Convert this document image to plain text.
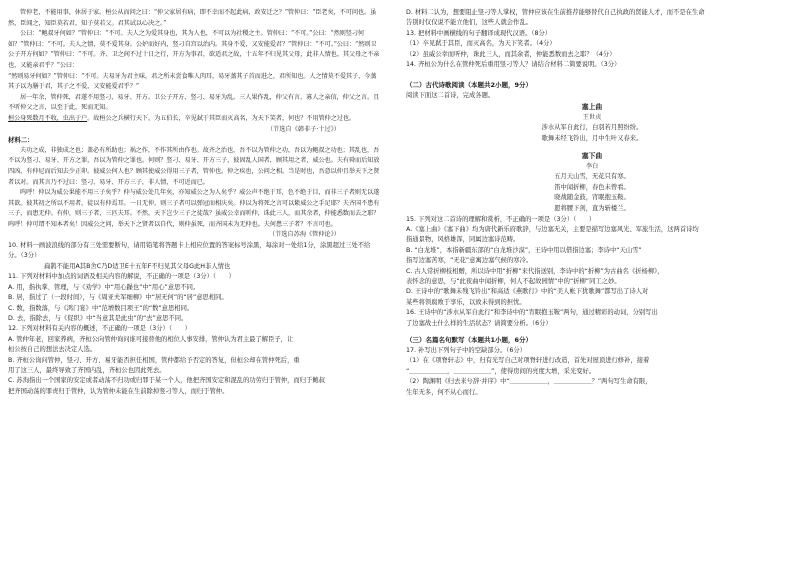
管仲老，不能用事，休居于家。桓公从而问之曰：“仲父家居有病，即不幸而不起此病，政安迁之？”管仲曰：“臣老矣，不可问也。虽然，臣闻之，知臣莫若君，知子莫若父。君其试以心决之。”

公曰：“鲍叔牙何如？”管仲曰：“不可。夫人之为爱其身也，其为人也，不可以为社稷之主。管仲曰：“不可。”公曰：“然则竖刁何如？”管仲曰：“不可。夫人之情，莫不爱其身。公妒而好内，竖刁自宫以治内。其身不爱，又安能爱君？”管仲曰：“不可。”公曰：“然则卫公子开方何如？”管仲曰：“不可。齐、卫之间不过十日之行，开方为事君，欲适君之故，十五年不归见其父母，此非人情也。其父母之不亲也，又能亲君乎？”公曰：

“然则易牙何如？”管仲曰：“不可。夫易牙为君主味，君之所未尝食唯人肉耳，易牙蒸其子首而进之，君所知也。人之情莫不爱其子，今蒸其子以为膳于君，其子之不爱，又安能爱君乎？”

居一年余，管仲死，君遂不用竖刁、易牙、开方。卫公子开方、竖刁、易牙为乱。三人果作乱，仲父有言，寡人之亲信，仲父之言。且不听仲父之言，以至于此，死而无知。

桓公身死数月不收，虫出于户。故桓公之兵横行天下，为五伯长，卒见弑于其臣而灭高名，为天下笑者，何也？不用管仲之过也。

（节选自《韩非子·十过》）

材料二：

夫功之成，非独成之也；盖必有所助也；祸之作，不作其所由作也。故齐之治也，吾不以为管仲之功，吾以为鲍叔之功也；其乱也，吾不以为竖刁、易牙、开方之罪，吾以为管仲之罪也。何则？竖刁、易牙、开方三子，彼固乱人国者，顾其用之者，威公也。夫有舜而后知放四凶，有仲尼而后知去少正卯。彼威公何人也？顾其使威公得用三子者，管仲也。仲之疾也，公问之相。当是时也，吾意以仲且举天下之贤者以对。而其言乃不过曰：竖刁、易牙、开方三子，非人情，不可近而已。

呜呼！仲以为威公果能不用三子矣乎？仲与威公处几年矣，亦知威公之为人矣乎？威公声不绝于耳，色不绝于目，而非三子者则无以遂其欲。彼其初之所以不用者，徒以有仲焉耳。一日无仲，则三子者可以弹冠而相庆矣。仲以为将死之言可以絷威公之手足耶？夫齐国不患有三子，而患无仲。有仲，则三子者，三匹夫耳。不然，天下岂少三子之徒哉？虽威公幸而听仲，诛此三人，而其余者，仲能悉数而去之耶？呜呼！仲可谓不知本者矣！因威公之问，举天下之贤者以自代，则仲虽死，而齐国未为无仲也。夫何患三子者？不言可也。

（节选自苏洵《管仲论》）

10. 材料一画波浪线的部分有三处需要断句，请用铅笔将答题卡上相应位置的答案标号涂黑，每涂对一处给1分，涂黑超过三处不给分。（3分）

扁鹊不能用A其B舍C乃D适卫E十五年F不归见其父母G此H非人情也

11. 下列对材料中加点的词语及相关内容的解说，不正确的一项是（3分）（　　）

A. 用，指执掌、管理，与《劝学》中“用心躁也”中“用心”意思不同。

B. 居，指过了（一段时间），与《周亚夫军细柳》中“居无何”的“居”意思相同。

C. 数，指数落，与《鸿门宴》中“范增数目项王”的“数”意思相同。

D. 去，指除去，与《促织》中“当意其是此虫”的“去”意思不同。

12. 下列对材料有关内容的概述，不正确的一项是（3分）（　　）

A. 管仲年老，回家养病，齐桓公向管仲询问谁可接替他的相位人事安排，管仲认为君主最了解臣子，让

桓公按自己的想法去决定人选。

B. 齐桓公询问管仲，竖刁、开方、易牙能否担任相国，管仲都给予否定的答复，但桓公却在管仲死后，重

用了这三人，最终导致了齐国内乱，齐桓公也因此死去。

C. 苏洵指出一个国家的安定或者动荡不归功或归罪于某一个人，他把齐国安定和混乱的功劳归于管仲，而归于鲍叔

把齐国动荡的罪责归于管仲，认为管仲未能在生前除掉竖刁等人，而归于管仲。

D. 材料二认为，想要阻止竖刁等人掌权，管仲应该在生前推荐能够替代自己执政的贤能人才，而不是在生命

告别时仅仅说不能立他们，这些人就会作乱。

13. 把材料中画横线的句子翻译成现代汉语。（8分）

（1）卒见弑于其臣，而灭高名，为天下笑者。（4分）

（2）虽威公幸而听仲，诛此三人，而其余者，仲能悉数而去之耶？（4分）

14. 齐桓公为什么在管仲死后重用竖刁等人？请结合材料二简要说明。（3分）

（二）古代诗歌阅读（本题共2小题，9分）

阅读下面这二首诗，完成各题。

塞上曲

王世贞

涉水从军自此行，白羽若月照纷纷。

歌舞未经飞铃出，月中生叶又春来。

塞下曲

李白

五月天山雪，无花只有寒。

笛中闻折柳，春色未曾看。

晓战随金鼓，宵眠抱玉鞍。

愿将腰下剑，直为斩楼兰。

15. 下列对这二首诗的理解和赏析，不正确的一项是（3分）（　　）

A.《塞上曲》《塞下曲》均为唐代新乐府歌辞，与边塞无关，主要是描写边塞风光、军旅生活，这两首诗均

指通景物，风格雄浑，同属边塞诗范畴。

B. “白龙堆”，本指新疆东部的“白龙堆沙漠”，王诗中用以借指边塞；李诗中“天山雪”

指写边塞苦寒，“无花”意寓边塞气候的寒冷。

C. 古人常折柳枝相赠，所以诗中用“折柳”来代指送别，李诗中的“折柳”为古曲名《折杨柳》，

表怀念的意思，与“此夜曲中闻折柳，何人不起故园情”中的“折柳”同工之妙。

D. 王诗中的“歌舞未残飞铃出”和高适《燕歌行》中的“美人帐下犹歌舞”都写出了诗人对

某些将领腐败于享乐，以致未得到的担忧。

16. 王诗中的“涉水从军自此行”和李诗中的“宵眠抱玉鞍”两句，通过精彩的动词，分别写出

了边塞战士什么样的生活状态？请简要分析。（6分）

（三）名篇名句默写（本题共1小题，6分）

17. 补写出下列句子中的空缺部分。（6分）

（1）在《项脊轩志》中，归有光写自己对项脊轩进行改造，首先对屋顶进行修补，接着

“＿＿＿＿＿＿，＿＿＿＿＿＿”，使得房间的亮度大增，采光变好。

（2）陶渊明《归去来兮辞·并序》中“＿＿＿＿＿＿，＿＿＿＿＿＿？”两句写生命有限，

生年无多，何不从心而行。
